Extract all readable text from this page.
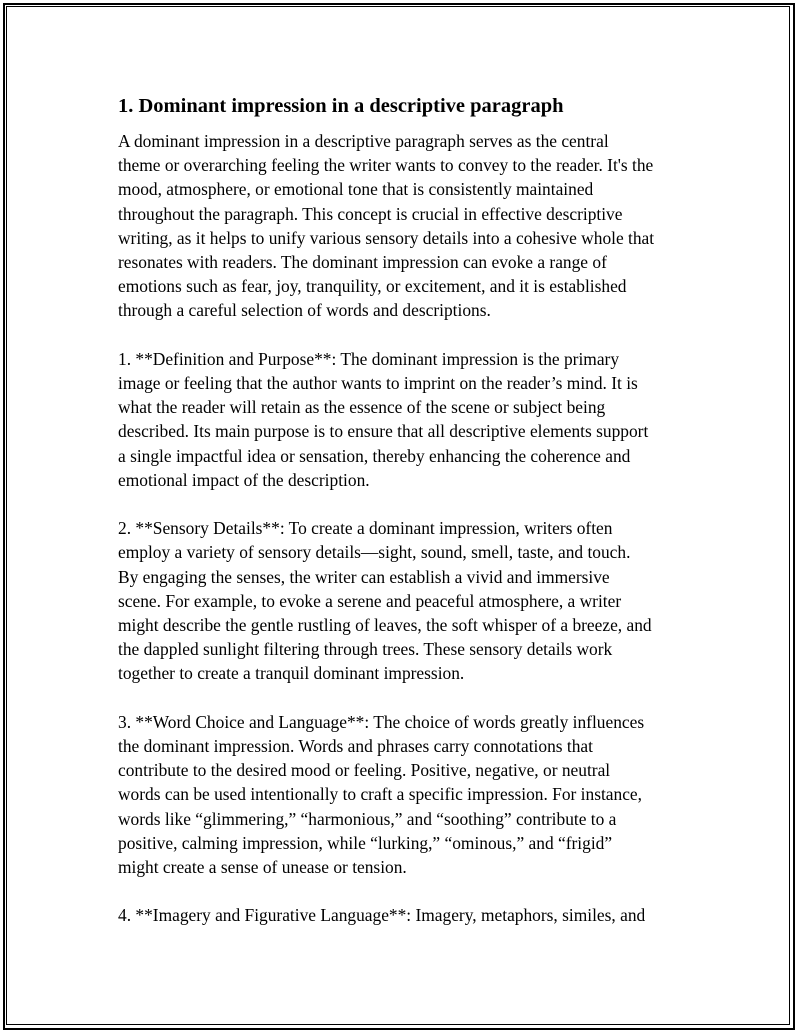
1. Dominant impression in a descriptive paragraph
A dominant impression in a descriptive paragraph serves as the central
theme or overarching feeling the writer wants to convey to the reader. It's the
mood, atmosphere, or emotional tone that is consistently maintained
throughout the paragraph. This concept is crucial in effective descriptive
writing, as it helps to unify various sensory details into a cohesive whole that
resonates with readers. The dominant impression can evoke a range of
emotions such as fear, joy, tranquility, or excitement, and it is established
through a careful selection of words and descriptions.
1. **Definition and Purpose**: The dominant impression is the primary
image or feeling that the author wants to imprint on the reader’s mind. It is
what the reader will retain as the essence of the scene or subject being
described. Its main purpose is to ensure that all descriptive elements support
a single impactful idea or sensation, thereby enhancing the coherence and
emotional impact of the description.
2. **Sensory Details**: To create a dominant impression, writers often
employ a variety of sensory details—sight, sound, smell, taste, and touch.
By engaging the senses, the writer can establish a vivid and immersive
scene. For example, to evoke a serene and peaceful atmosphere, a writer
might describe the gentle rustling of leaves, the soft whisper of a breeze, and
the dappled sunlight filtering through trees. These sensory details work
together to create a tranquil dominant impression.
3. **Word Choice and Language**: The choice of words greatly influences
the dominant impression. Words and phrases carry connotations that
contribute to the desired mood or feeling. Positive, negative, or neutral
words can be used intentionally to craft a specific impression. For instance,
words like “glimmering,” “harmonious,” and “soothing” contribute to a
positive, calming impression, while “lurking,” “ominous,” and “frigid”
might create a sense of unease or tension.
4. **Imagery and Figurative Language**: Imagery, metaphors, similes, and
